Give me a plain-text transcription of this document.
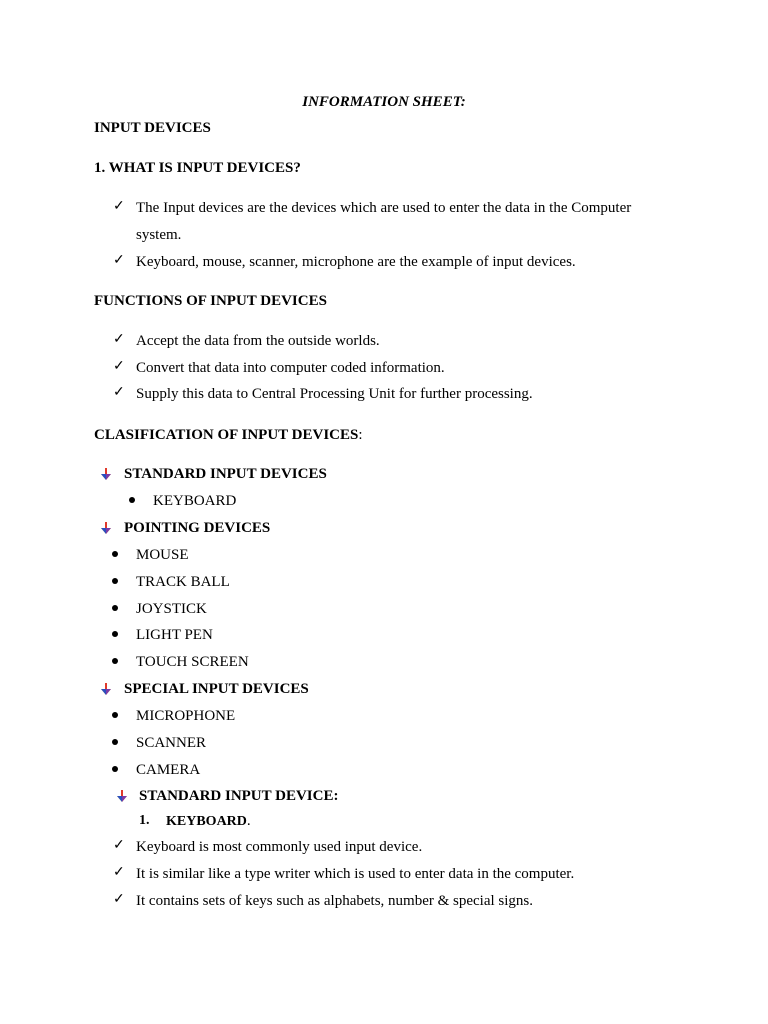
INFORMATION SHEET:
INPUT DEVICES
1. WHAT IS INPUT DEVICES?
✓ The Input devices are the devices which are used to enter the data in the Computer
system.
✓ Keyboard, mouse, scanner, microphone are the example of input devices.
FUNCTIONS OF INPUT DEVICES
✓ Accept the data from the outside worlds.
✓ Convert that data into computer coded information.
✓ Supply this data to Central Processing Unit for further processing.
CLASIFICATION OF INPUT DEVICES:
STANDARD INPUT DEVICES
KEYBOARD
POINTING DEVICES
MOUSE
TRACK BALL
JOYSTICK
LIGHT PEN
TOUCH SCREEN
SPECIAL INPUT DEVICES
MICROPHONE
SCANNER
CAMERA
STANDARD INPUT DEVICE:
1. KEYBOARD.
✓ Keyboard is most commonly used input device.
✓ It is similar like a type writer which is used to enter data in the computer.
✓ It contains sets of keys such as alphabets, number & special signs.
